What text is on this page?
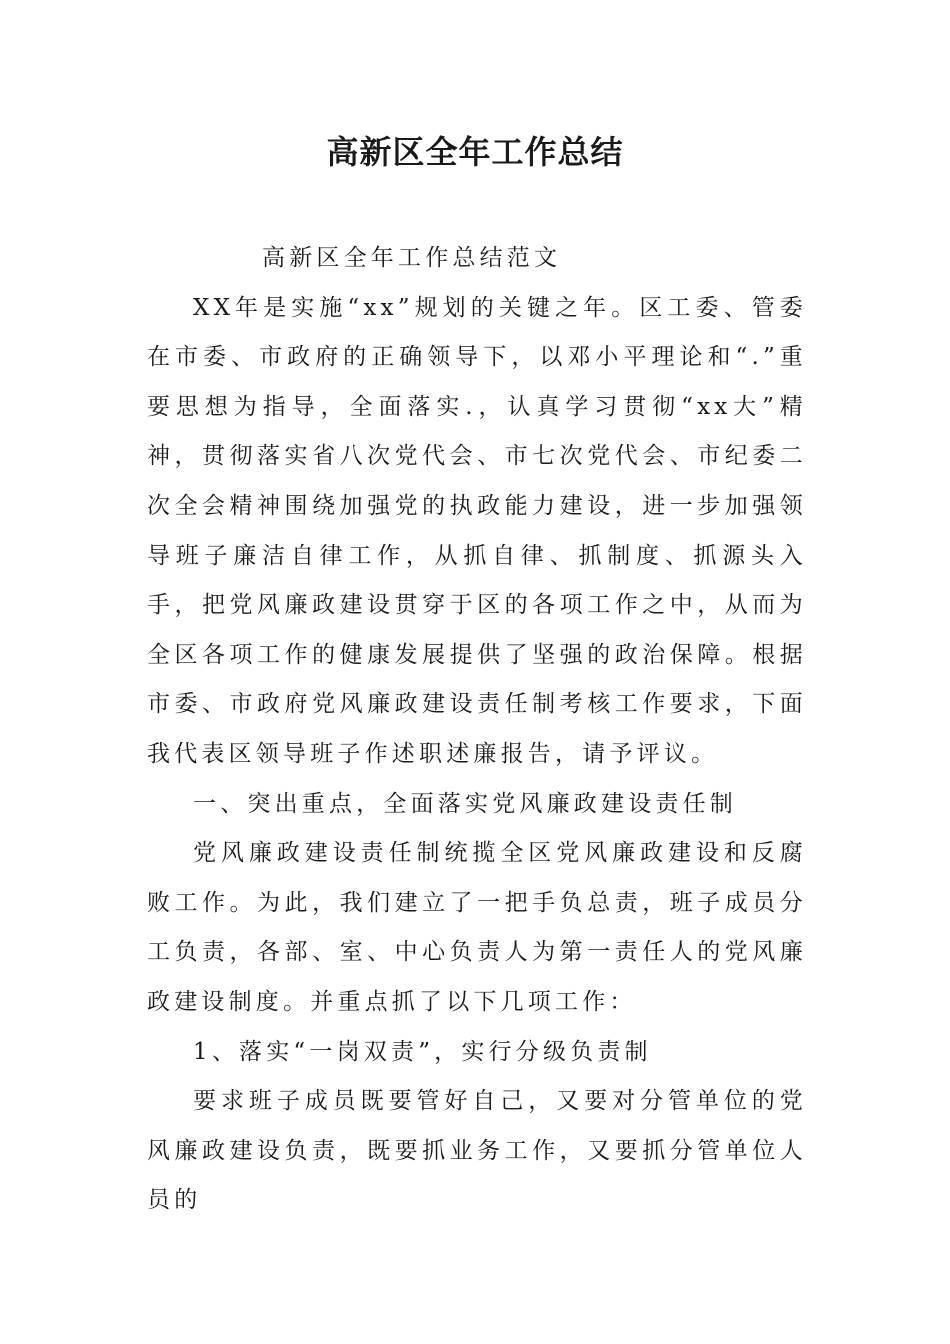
高新区全年工作总结

高新区全年工作总结范文

XX年是实施“xx”规划的关键之年。区工委、管委在市委、市政府的正确领导下，以邓小平理论和“.”重要思想为指导，全面落实.，认真学习贯彻“xx大”精神，贯彻落实省八次党代会、市七次党代会、市纪委二次全会精神围绕加强党的执政能力建设，进一步加强领导班子廉洁自律工作，从抓自律、抓制度、抓源头入手，把党风廉政建设贯穿于区的各项工作之中，从而为全区各项工作的健康发展提供了坚强的政治保障。根据市委、市政府党风廉政建设责任制考核工作要求，下面我代表区领导班子作述职述廉报告，请予评议。

一、突出重点，全面落实党风廉政建设责任制

党风廉政建设责任制统揽全区党风廉政建设和反腐败工作。为此，我们建立了一把手负总责，班子成员分工负责，各部、室、中心负责人为第一责任人的党风廉政建设制度。并重点抓了以下几项工作：

1、落实“一岗双责”，实行分级负责制

要求班子成员既要管好自己，又要对分管单位的党风廉政建设负责，既要抓业务工作，又要抓分管单位人员的
